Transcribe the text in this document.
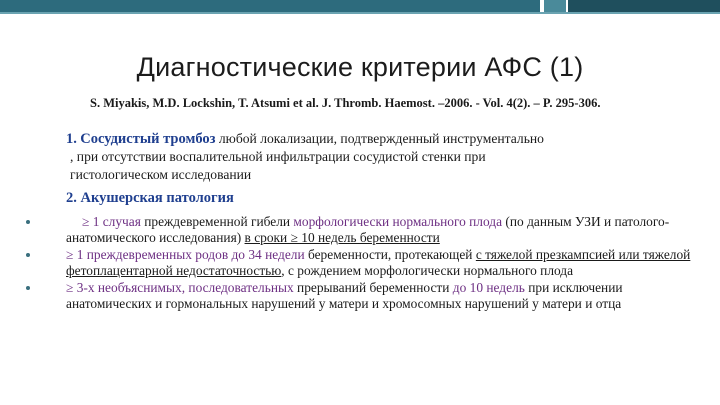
Диагностические критерии АФС (1)
S. Miyakis, M.D. Lockshin, T. Atsumi et al. J. Thromb. Haemost. –2006. - Vol. 4(2). – P. 295-306.
1. Сосудистый тромбоз любой локализации, подтвержденный инструментально
, при отсутствии воспалительной инфильтрации сосудистой стенки при
гистологическом исследовании
2. Акушерская патология
≥ 1 случая преждевременной гибели морфологически нормального плода (по данным УЗИ и патолого-анатомического исследования) в сроки ≥ 10 недель беременности
≥ 1 преждевременных родов до 34 недели беременности, протекающей с тяжелой презкампсией или тяжелой фетоплацентарной недостаточностью, с рождением морфологически нормального плода
≥ 3-х необъяснимых, последовательных прерываний беременности до 10 недель при исключении анатомических и гормональных нарушений у матери и хромосомных нарушений у матери и отца
